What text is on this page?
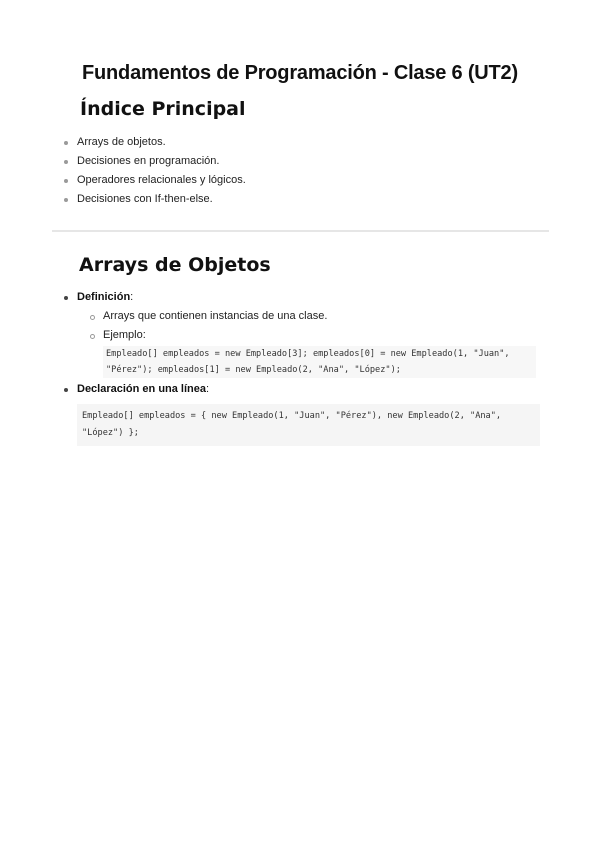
Fundamentos de Programación - Clase 6 (UT2)
Índice Principal
Arrays de objetos.
Decisiones en programación.
Operadores relacionales y lógicos.
Decisiones con If-then-else.
Arrays de Objetos
Definición:
Arrays que contienen instancias de una clase.
Ejemplo:
Empleado[] empleados = new Empleado[3]; empleados[0] = new Empleado(1, "Juan", "Pérez"); empleados[1] = new Empleado(2, "Ana", "López");
Declaración en una línea:
Empleado[] empleados = { new Empleado(1, "Juan", "Pérez"), new Empleado(2, "Ana", "López") };
